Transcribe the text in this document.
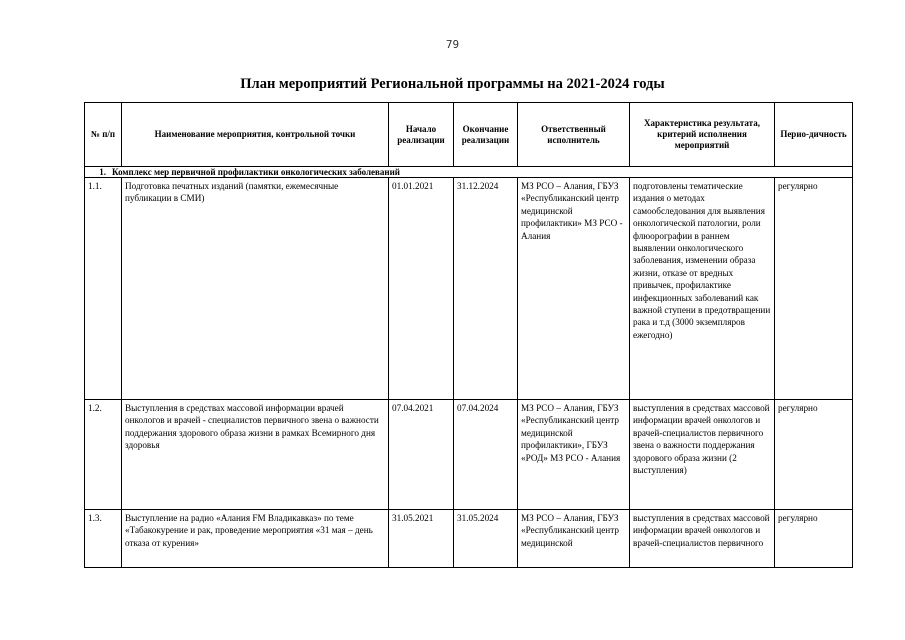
79
План мероприятий Региональной программы на 2021-2024 годы
№ п/п	Наименование мероприятия, контрольной точки	Начало реализации	Окончание реализации	Ответственный исполнитель	Характеристика результата, критерий исполнения мероприятий	Перио-дичность
1. Комплекс мер первичной профилактики онкологических заболеваний						
1.1.	Подготовка печатных изданий (памятки, ежемесячные публикации в СМИ)	01.01.2021	31.12.2024	МЗ РСО – Алания, ГБУЗ «Республиканский центр медицинской профилактики» МЗ РСО - Алания	подготовлены тематические издания о методах самообследования для выявления онкологической патологии, роли флюорографии в раннем выявлении онкологического заболевания, изменении образа жизни, отказе от вредных привычек, профилактике инфекционных заболеваний как важной ступени в предотвращении рака и т.д (3000 экземпляров ежегодно)	регулярно
1.2.	Выступления в средствах массовой информации врачей онкологов и врачей - специалистов первичного звена о важности поддержания здорового образа жизни в рамках Всемирного дня здоровья	07.04.2021	07.04.2024	МЗ РСО – Алания, ГБУЗ «Республиканский центр медицинской профилактики», ГБУЗ «РОД» МЗ РСО - Алания	выступления в средствах массовой информации врачей онкологов и врачей-специалистов первичного звена о важности поддержания здорового образа жизни (2 выступления)	регулярно
1.3.	Выступление на радио «Алания FM Владикавказ» по теме «Табакокурение и рак, проведение мероприятия «31 мая – день отказа от курения»	31.05.2021	31.05.2024	МЗ РСО – Алания, ГБУЗ «Республиканский центр медицинской	выступления в средствах массовой информации врачей онкологов и врачей-специалистов первичного	регулярно
